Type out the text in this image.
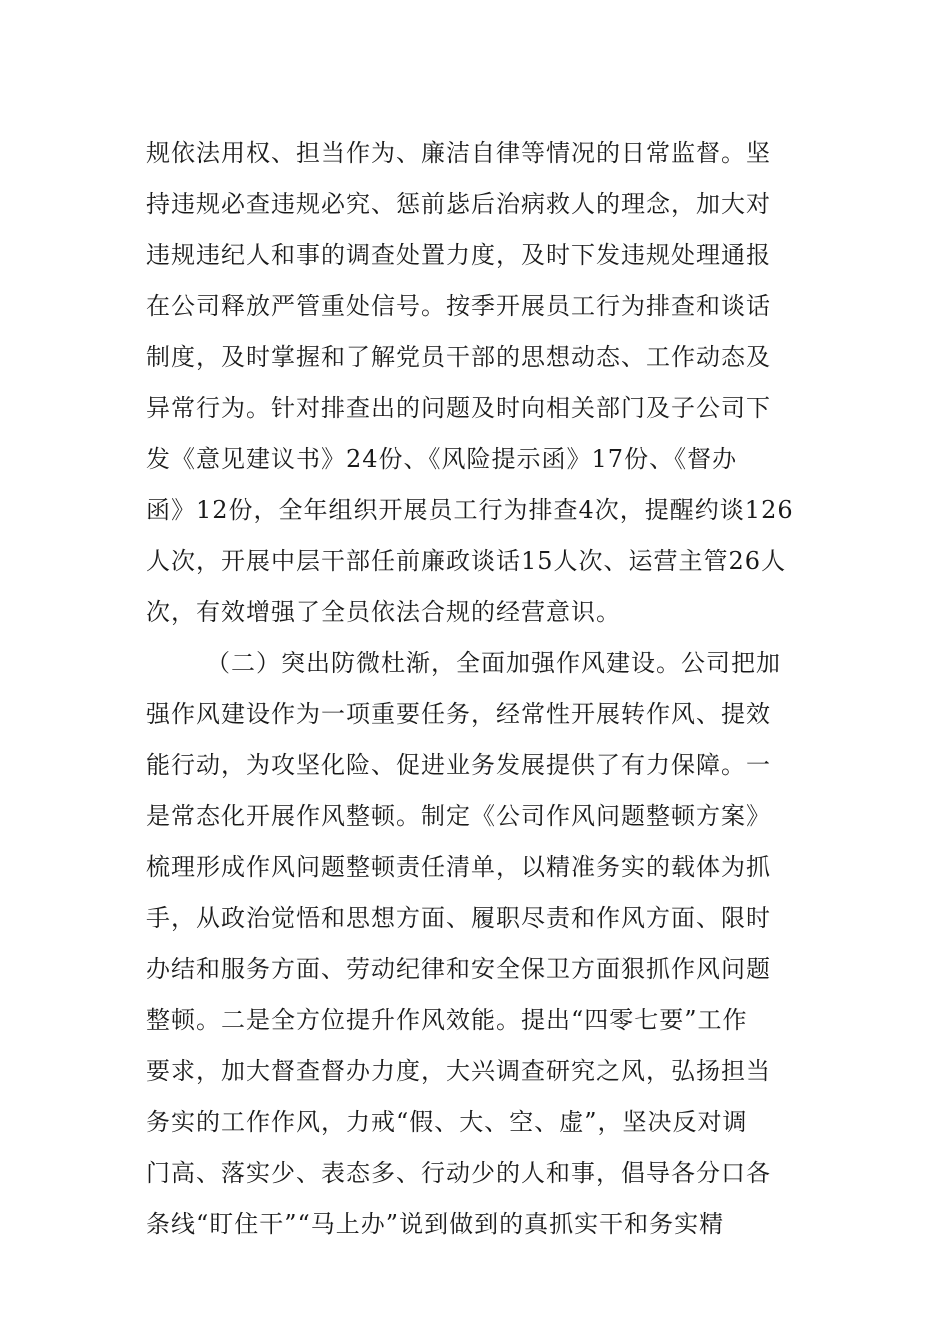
规依法用权、担当作为、廉洁自律等情况的日常监督。坚
持违规必查违规必究、惩前毖后治病救人的理念，加大对
违规违纪人和事的调查处置力度，及时下发违规处理通报
在公司释放严管重处信号。按季开展员工行为排查和谈话
制度，及时掌握和了解党员干部的思想动态、工作动态及
异常行为。针对排查出的问题及时向相关部门及子公司下
发《意见建议书》24份、《风险提示函》17份、《督办
函》12份，全年组织开展员工行为排查4次，提醒约谈126
人次，开展中层干部任前廉政谈话15人次、运营主管26人
次，有效增强了全员依法合规的经营意识。
（二）突出防微杜渐，全面加强作风建设。公司把加
强作风建设作为一项重要任务，经常性开展转作风、提效
能行动，为攻坚化险、促进业务发展提供了有力保障。一
是常态化开展作风整顿。制定《公司作风问题整顿方案》
梳理形成作风问题整顿责任清单，以精准务实的载体为抓
手，从政治觉悟和思想方面、履职尽责和作风方面、限时
办结和服务方面、劳动纪律和安全保卫方面狠抓作风问题
整顿。二是全方位提升作风效能。提出“四零七要”工作
要求，加大督查督办力度，大兴调查研究之风，弘扬担当
务实的工作作风，力戒“假、大、空、虚”，坚决反对调
门高、落实少、表态多、行动少的人和事，倡导各分口各
条线“盯住干”“马上办”说到做到的真抓实干和务实精
